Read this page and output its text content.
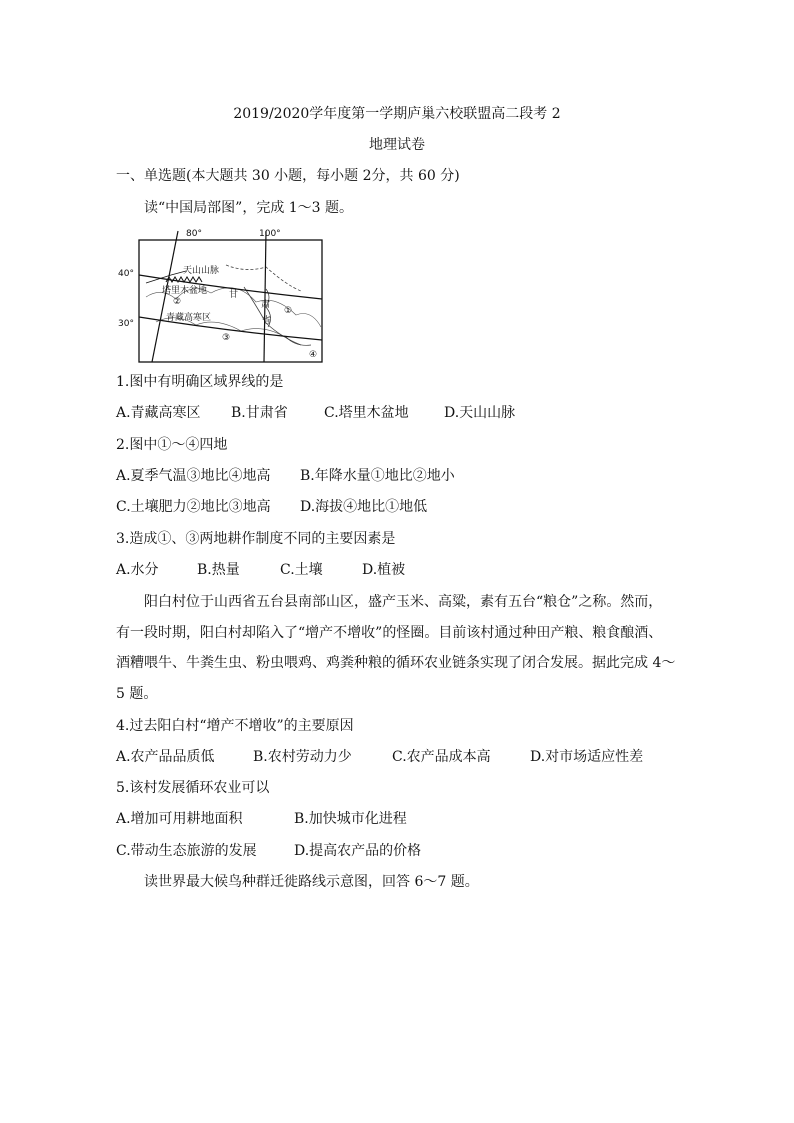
2019/2020学年度第一学期庐巢六校联盟高二段考 2
地理试卷
一、单选题(本大题共 30 小题，每小题 2分，共 60 分)
读“中国局部图”，完成 1～3 题。
80°	100°
40°
30°
天山山脉
塔里木盆地
青藏高寒区
甘
肃
省
①
②
③
④
1.图中有明确区域界线的是
A.青藏高寒区 B.甘肃省	C.塔里木盆地	D.天山山脉
2.图中①～④四地
A.夏季气温③地比④地高 B.年降水量①地比②地小
C.土壤肥力②地比③地高 D.海拔④地比①地低
3.造成①、③两地耕作制度不同的主要因素是
A.水分	B.热量	C.土壤	D.植被
阳白村位于山西省五台县南部山区，盛产玉米、高粱，素有五台“粮仓”之称。然而，有一段时期，阳白村却陷入了“增产不增收”的怪圈。目前该村通过种田产粮、粮食酿酒、酒糟喂牛、牛粪生虫、粉虫喂鸡、鸡粪种粮的循环农业链条实现了闭合发展。据此完成 4～5 题。
4.过去阳白村“增产不增收”的主要原因
A.农产品品质低	B.农村劳动力少	C.农产品成本高	D.对市场适应性差
5.该村发展循环农业可以
A.增加可用耕地面积	B.加快城市化进程
C.带动生态旅游的发展	D.提高农产品的价格
读世界最大候鸟种群迁徙路线示意图，回答 6～7 题。
